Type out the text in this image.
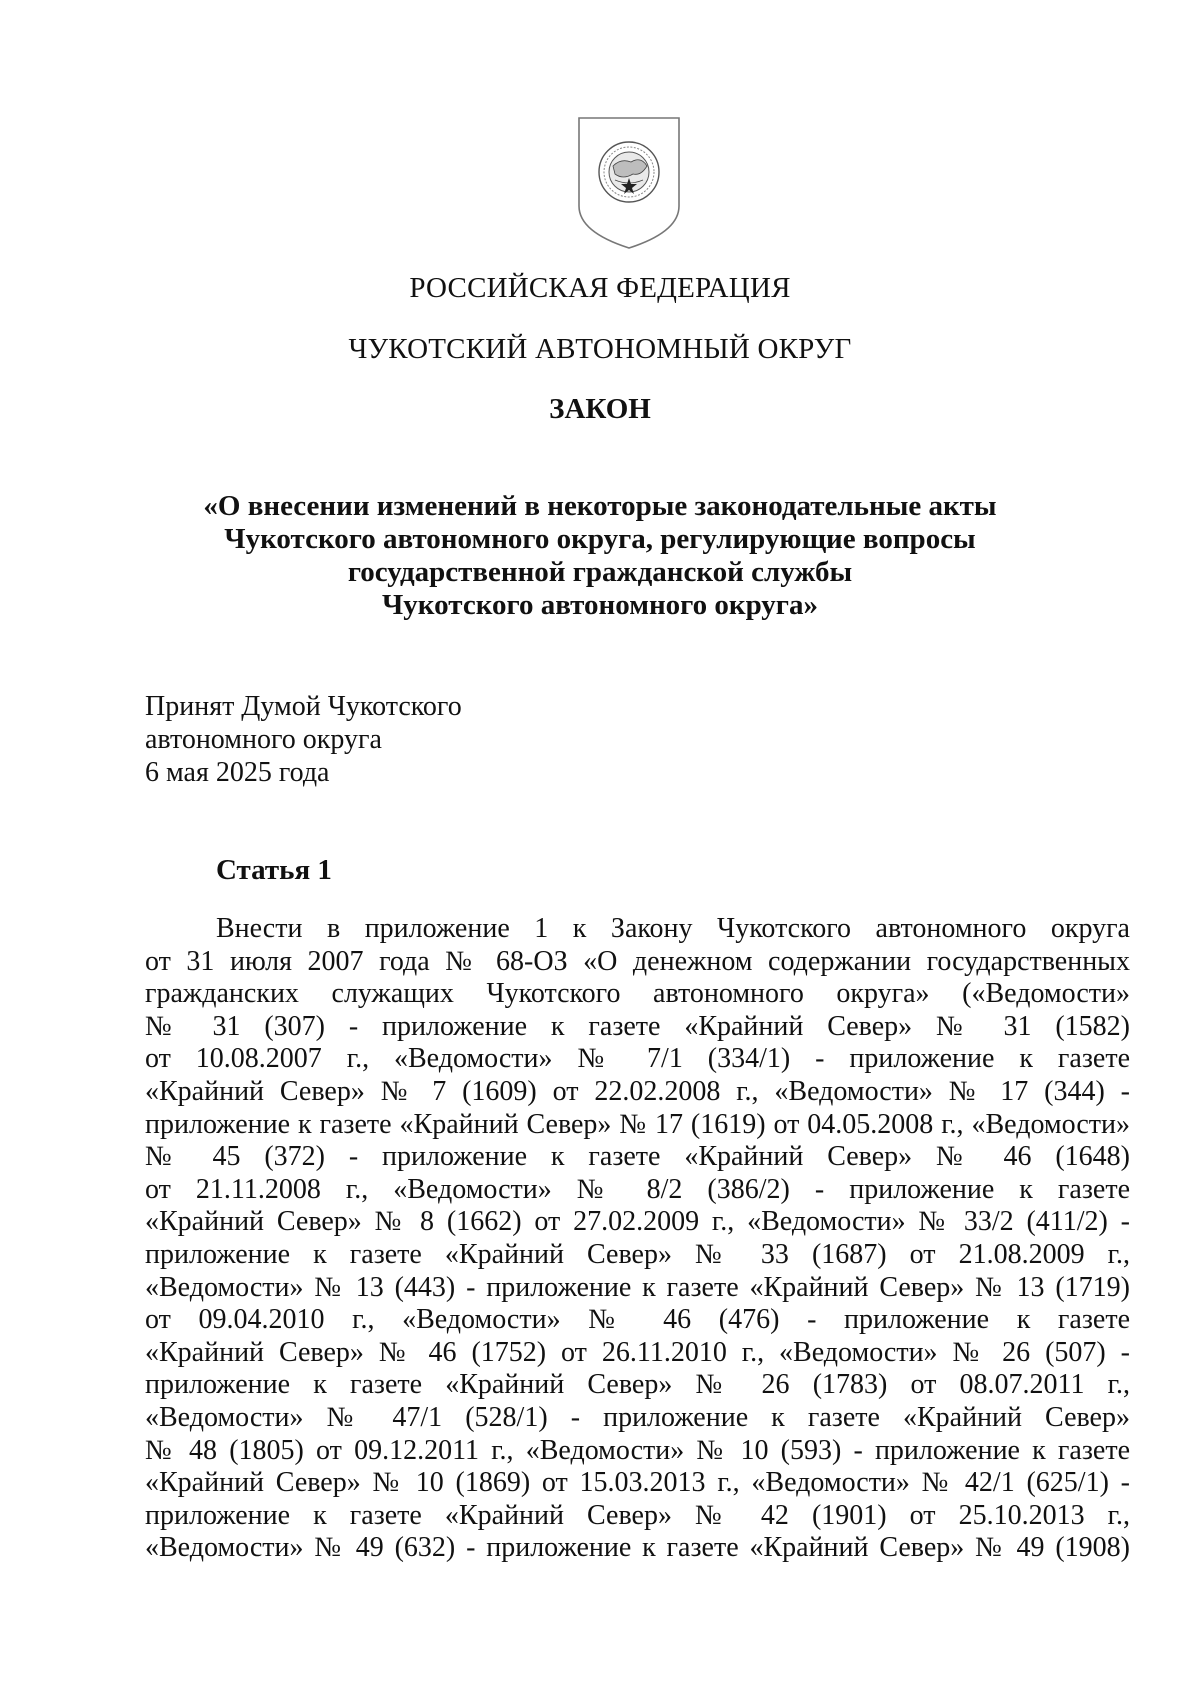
РОССИЙСКАЯ ФЕДЕРАЦИЯ
ЧУКОТСКИЙ АВТОНОМНЫЙ ОКРУГ
ЗАКОН
«О внесении изменений в некоторые законодательные акты
Чукотского автономного округа, регулирующие вопросы
государственной гражданской службы
Чукотского автономного округа»
Принят Думой Чукотского
автономного округа
6 мая 2025 года
Статья 1
Внести в приложение 1 к Закону Чукотского автономного округа
от 31 июля 2007 года № 68-ОЗ «О денежном содержании государственных
гражданских служащих Чукотского автономного округа» («Ведомости»
№ 31 (307) - приложение к газете «Крайний Север» № 31 (1582)
от 10.08.2007 г., «Ведомости» № 7/1 (334/1) - приложение к газете
«Крайний Север» № 7 (1609) от 22.02.2008 г., «Ведомости» № 17 (344) -
приложение к газете «Крайний Север» № 17 (1619) от 04.05.2008 г., «Ведомости»
№ 45 (372) - приложение к газете «Крайний Север» № 46 (1648)
от 21.11.2008 г., «Ведомости» № 8/2 (386/2) - приложение к газете
«Крайний Север» № 8 (1662) от 27.02.2009 г., «Ведомости» № 33/2 (411/2) -
приложение к газете «Крайний Север» № 33 (1687) от 21.08.2009 г.,
«Ведомости» № 13 (443) - приложение к газете «Крайний Север» № 13 (1719)
от 09.04.2010 г., «Ведомости» № 46 (476) - приложение к газете
«Крайний Север» № 46 (1752) от 26.11.2010 г., «Ведомости» № 26 (507) -
приложение к газете «Крайний Север» № 26 (1783) от 08.07.2011 г.,
«Ведомости» № 47/1 (528/1) - приложение к газете «Крайний Север»
№ 48 (1805) от 09.12.2011 г., «Ведомости» № 10 (593) - приложение к газете
«Крайний Север» № 10 (1869) от 15.03.2013 г., «Ведомости» № 42/1 (625/1) -
приложение к газете «Крайний Север» № 42 (1901) от 25.10.2013 г.,
«Ведомости» № 49 (632) - приложение к газете «Крайний Север» № 49 (1908)
